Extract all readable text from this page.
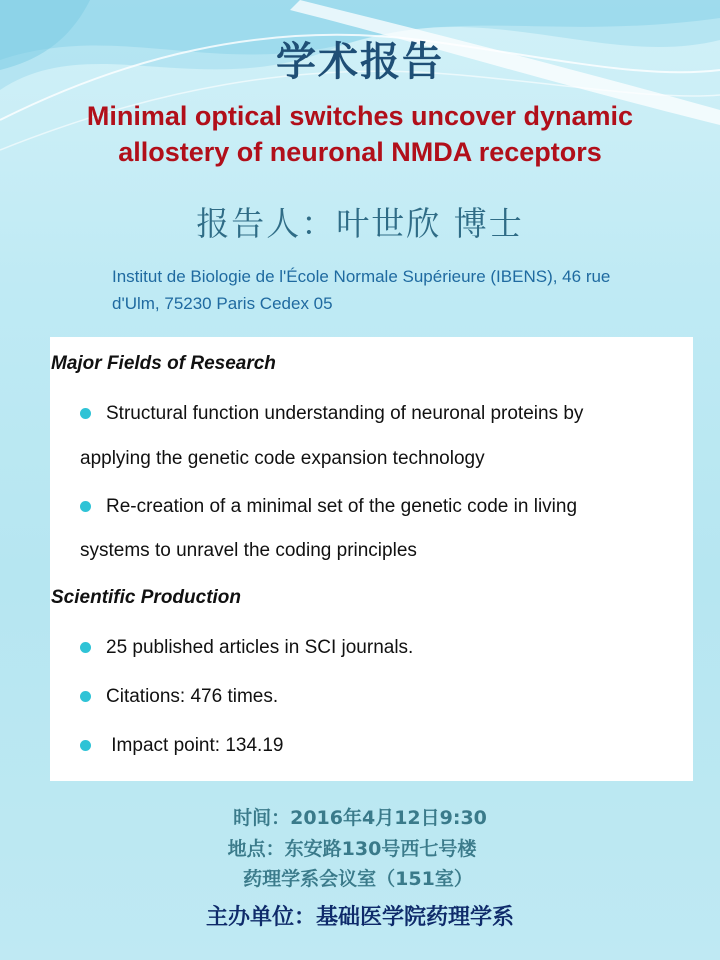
学术报告
Minimal optical switches uncover dynamic
allostery of neuronal NMDA receptors
报告人：叶世欣 博士
Institut de Biologie de l'École Normale Supérieure (IBENS), 46 rue
d'Ulm, 75230 Paris Cedex 05
Major Fields of Research
Structural function understanding of neuronal proteins by
applying the genetic code expansion technology
Re-creation of a minimal set of the genetic code in living
systems to unravel the coding principles
Scientific Production
25 published articles in SCI journals.
Citations: 476 times.
Impact point: 134.19
时间：2016年4月12日9:30
地点：东安路130号西七号楼
药理学系会议室（151室）
主办单位：基础医学院药理学系
